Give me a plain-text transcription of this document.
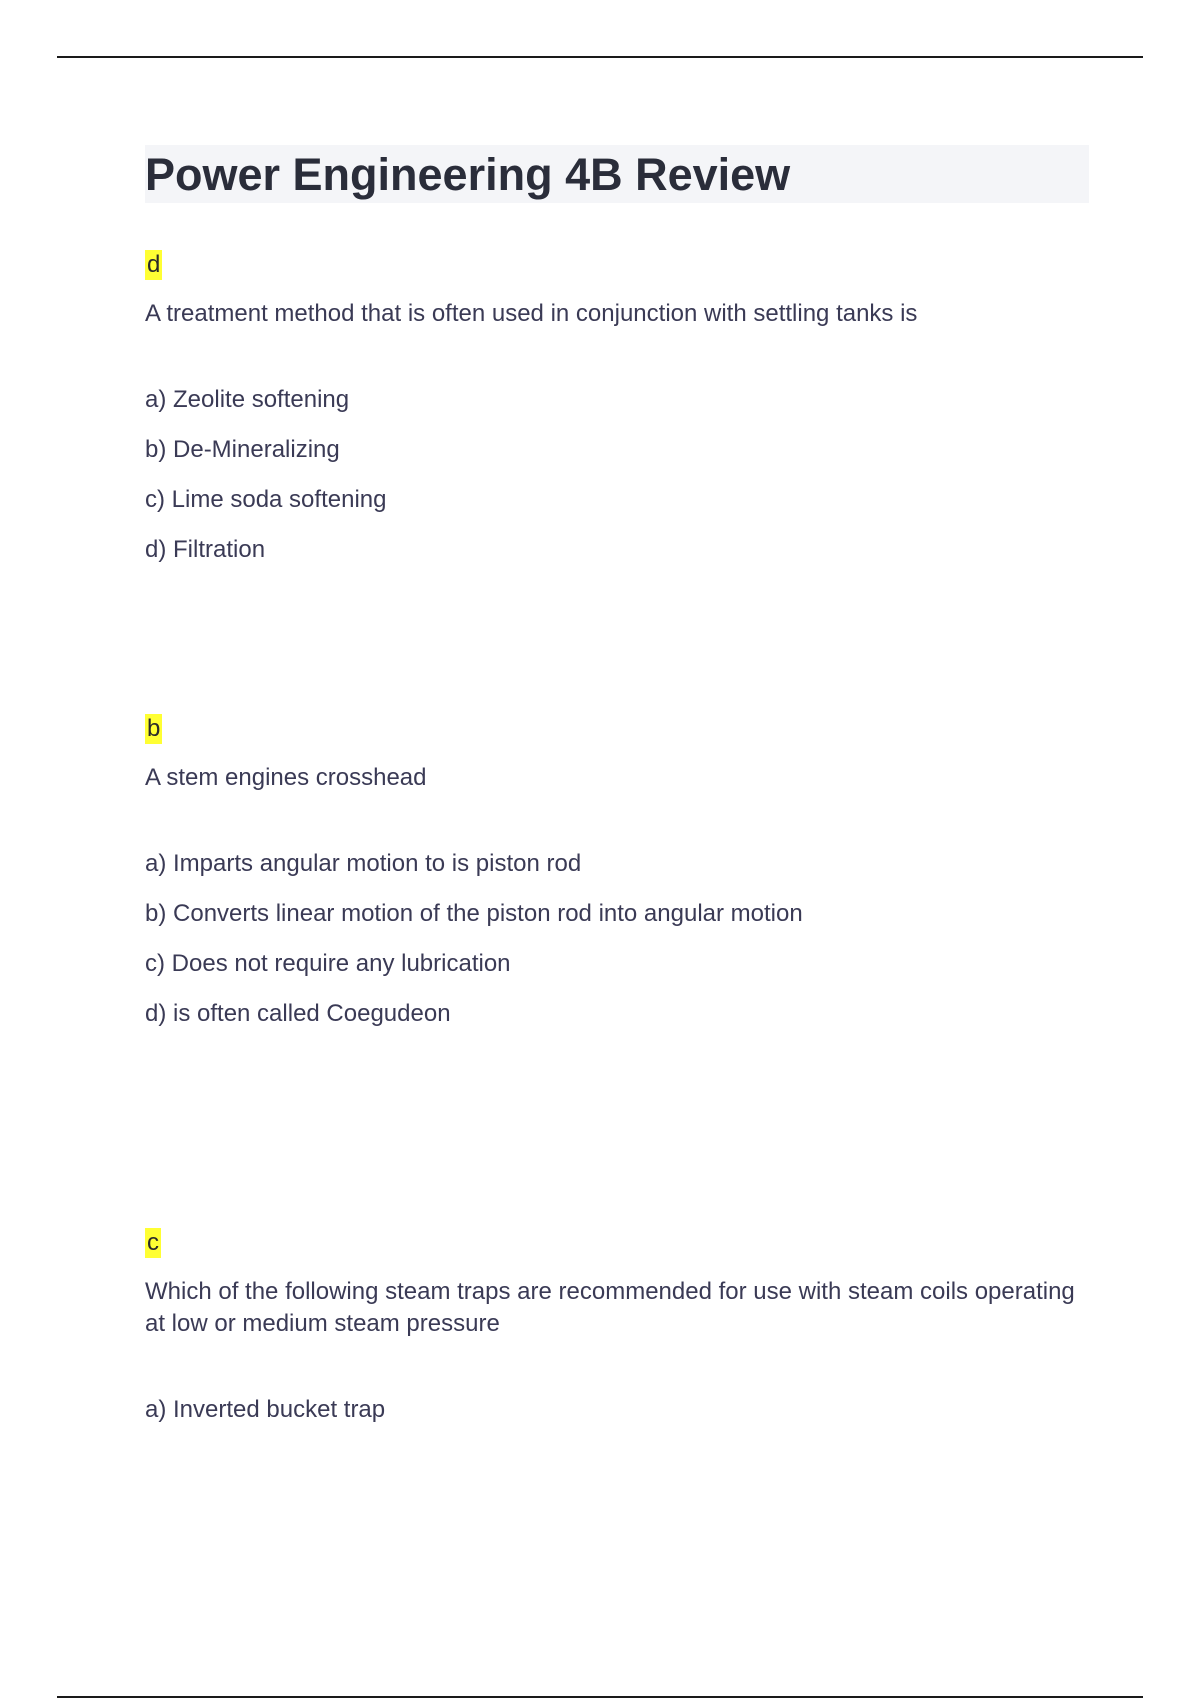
Power Engineering 4B Review
d

A treatment method that is often used in conjunction with settling tanks is

a) Zeolite softening
b) De-Mineralizing
c) Lime soda softening
d) Filtration
b

A stem engines crosshead

a) Imparts angular motion to is piston rod
b) Converts linear motion of the piston rod into angular motion
c) Does not require any lubrication
d) is often called Coegudeon
c

Which of the following steam traps are recommended for use with steam coils operating at low or medium steam pressure

a) Inverted bucket trap
